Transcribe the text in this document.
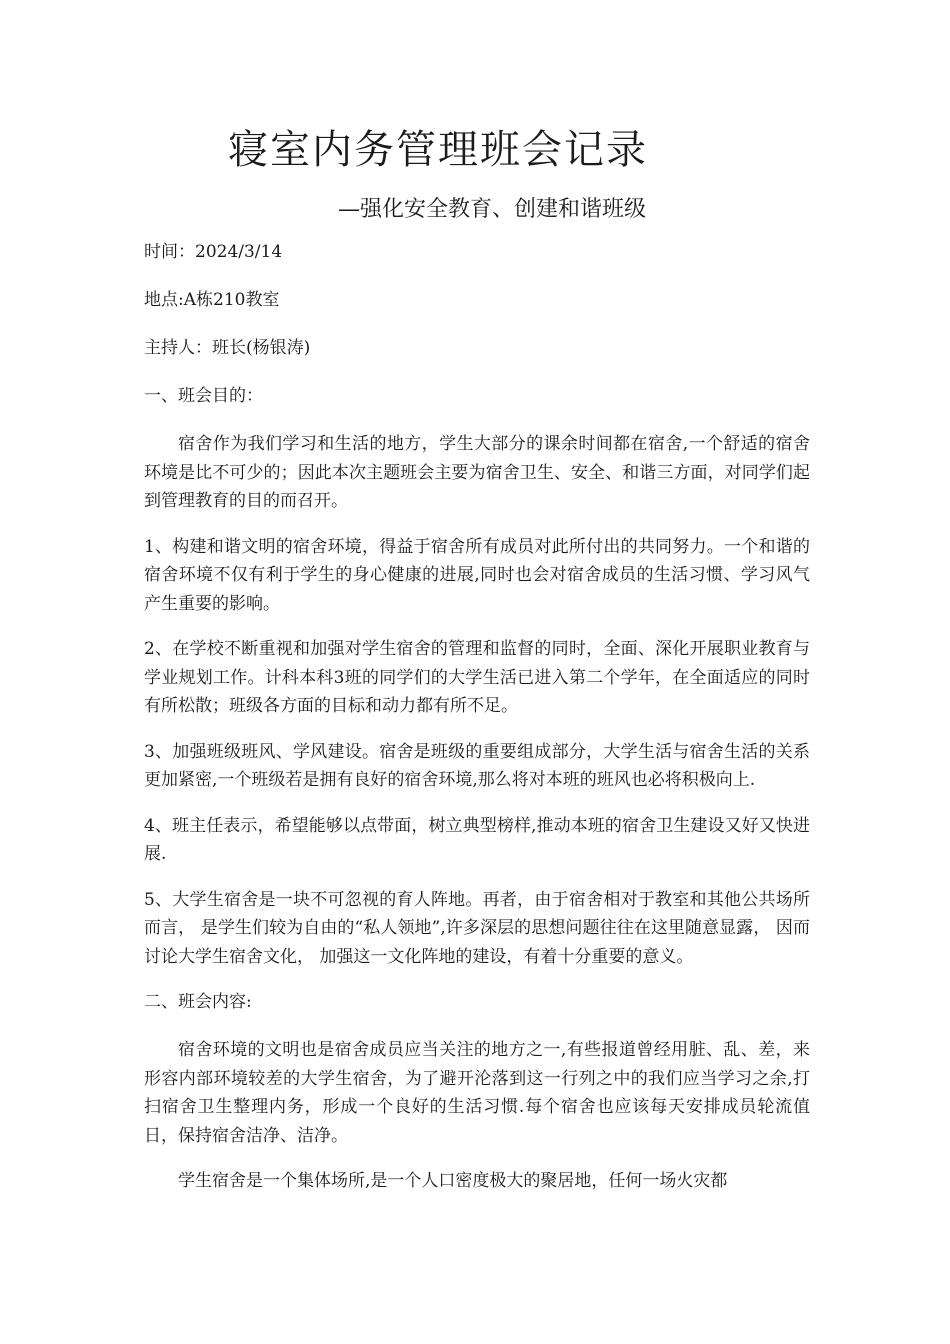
寝室内务管理班会记录
—强化安全教育、创建和谐班级

时间：2024/3/14

地点:A栋210教室

主持人：班长(杨银涛)

一、班会目的：

宿舍作为我们学习和生活的地方，学生大部分的课余时间都在宿舍,一个舒适的宿舍环境是比不可少的；因此本次主题班会主要为宿舍卫生、安全、和谐三方面，对同学们起到管理教育的目的而召开。

1、构建和谐文明的宿舍环境，得益于宿舍所有成员对此所付出的共同努力。一个和谐的宿舍环境不仅有利于学生的身心健康的进展,同时也会对宿舍成员的生活习惯、学习风气产生重要的影响。

2、在学校不断重视和加强对学生宿舍的管理和监督的同时，全面、深化开展职业教育与学业规划工作。计科本科3班的同学们的大学生活已进入第二个学年，在全面适应的同时有所松散；班级各方面的目标和动力都有所不足。

3、加强班级班风、学风建设。宿舍是班级的重要组成部分，大学生活与宿舍生活的关系更加紧密,一个班级若是拥有良好的宿舍环境,那么将对本班的班风也必将积极向上.

4、班主任表示，希望能够以点带面，树立典型榜样,推动本班的宿舍卫生建设又好又快进展.

5、大学生宿舍是一块不可忽视的育人阵地。再者，由于宿舍相对于教室和其他公共场所而言， 是学生们较为自由的“私人领地”,许多深层的思想问题往往在这里随意显露， 因而讨论大学生宿舍文化， 加强这一文化阵地的建设，有着十分重要的意义。

二、班会内容:

宿舍环境的文明也是宿舍成员应当关注的地方之一,有些报道曾经用脏、乱、差，来形容内部环境较差的大学生宿舍，为了避开沦落到这一行列之中的我们应当学习之余,打扫宿舍卫生整理内务，形成一个良好的生活习惯.每个宿舍也应该每天安排成员轮流值日，保持宿舍洁净、洁净。

学生宿舍是一个集体场所,是一个人口密度极大的聚居地，任何一场火灾都
